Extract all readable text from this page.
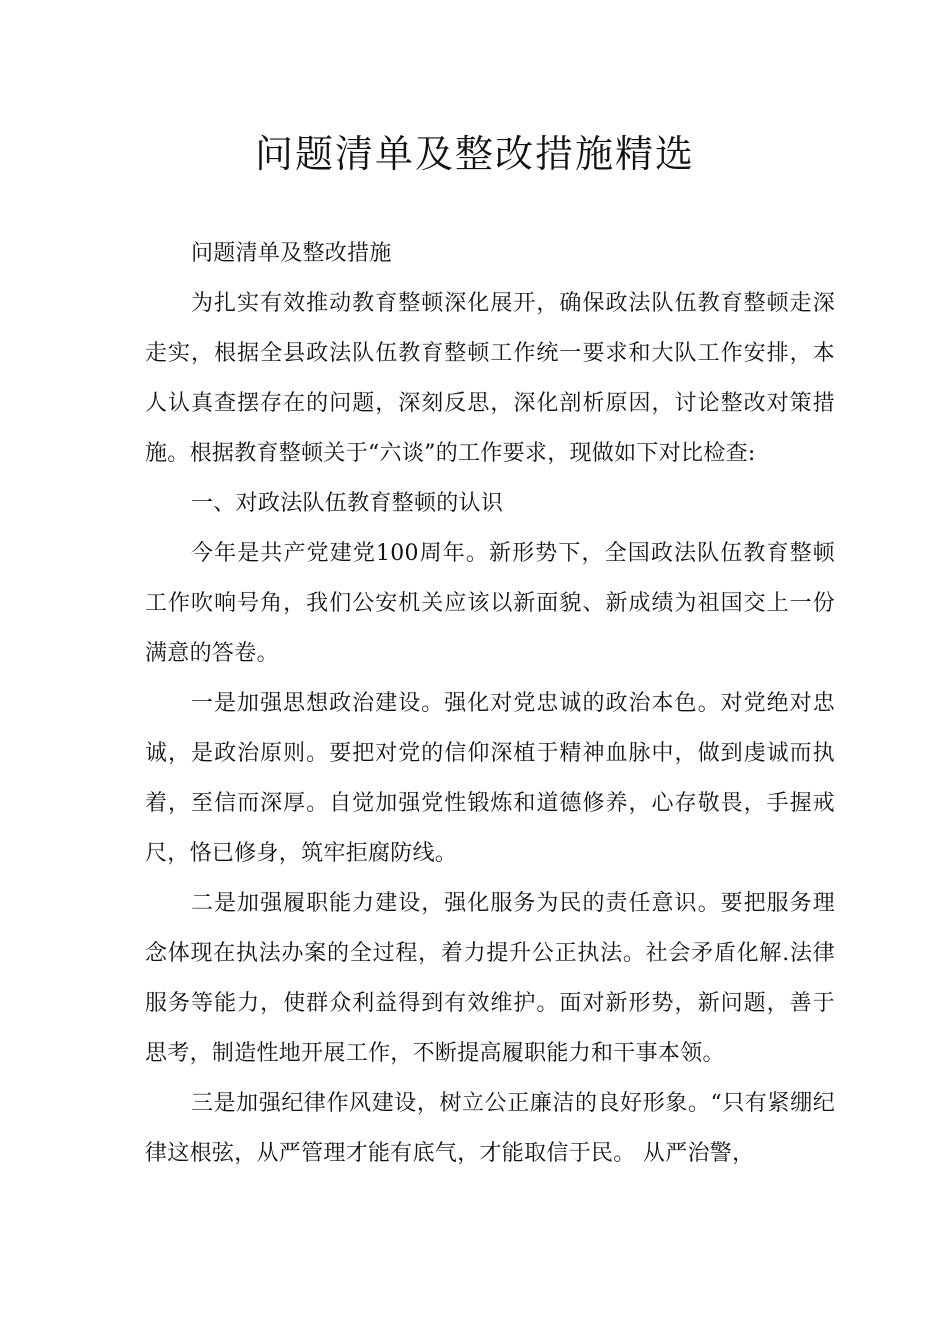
问题清单及整改措施精选

问题清单及整改措施

为扎实有效推动教育整顿深化展开，确保政法队伍教育整顿走深走实，根据全县政法队伍教育整顿工作统一要求和大队工作安排，本人认真查摆存在的问题，深刻反思，深化剖析原因，讨论整改对策措施。根据教育整顿关于“六谈”的工作要求，现做如下对比检查:

一、对政法队伍教育整顿的认识

今年是共产党建党100周年。新形势下，全国政法队伍教育整顿工作吹响号角，我们公安机关应该以新面貌、新成绩为祖国交上一份满意的答卷。

一是加强思想政治建设。强化对党忠诚的政治本色。对党绝对忠诚，是政治原则。要把对党的信仰深植于精神血脉中，做到虔诚而执着，至信而深厚。自觉加强党性锻炼和道德修养，心存敬畏，手握戒尺，恪已修身，筑牢拒腐防线。

二是加强履职能力建设，强化服务为民的责任意识。要把服务理念体现在执法办案的全过程，着力提升公正执法。社会矛盾化解.法律服务等能力，使群众利益得到有效维护。面对新形势，新问题，善于思考，制造性地开展工作，不断提高履职能力和干事本领。

三是加强纪律作风建设，树立公正廉洁的良好形象。“只有紧绷纪律这根弦，从严管理才能有底气，才能取信于民。 从严治警，
